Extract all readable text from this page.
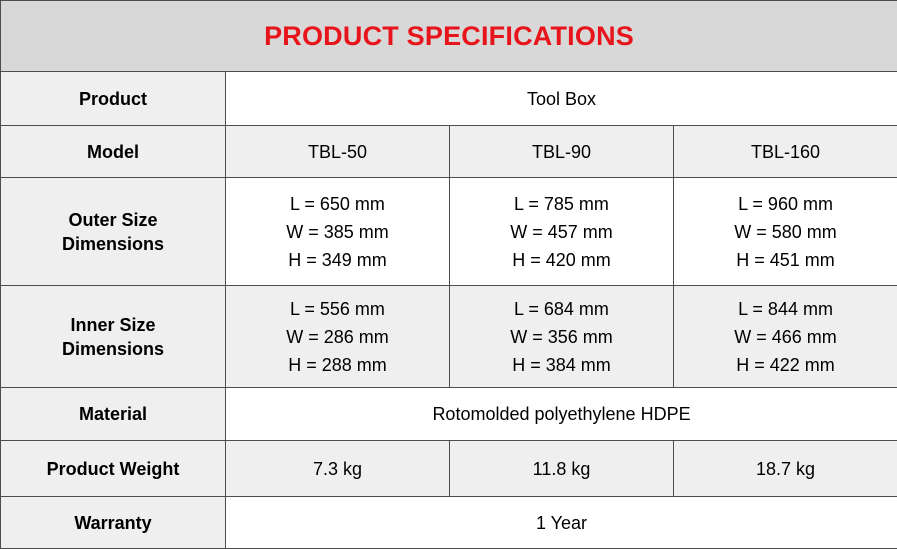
PRODUCT SPECIFICATIONS			
Product	Tool Box		
Model	TBL-50	TBL-90	TBL-160

Outer Size
Dimensions	L = 650 mm
W = 385 mm
H = 349 mm	L = 785 mm
W = 457 mm
H = 420 mm	L = 960 mm
W = 580 mm
H = 451 mm

Inner Size
Dimensions	L = 556 mm
W = 286 mm
H = 288 mm	L = 684 mm
W = 356 mm
H = 384 mm	L = 844 mm
W = 466 mm
H = 422 mm

Material	Rotomolded polyethylene HDPE		
Product Weight	7.3 kg	11.8 kg	18.7 kg
Warranty	1 Year		
